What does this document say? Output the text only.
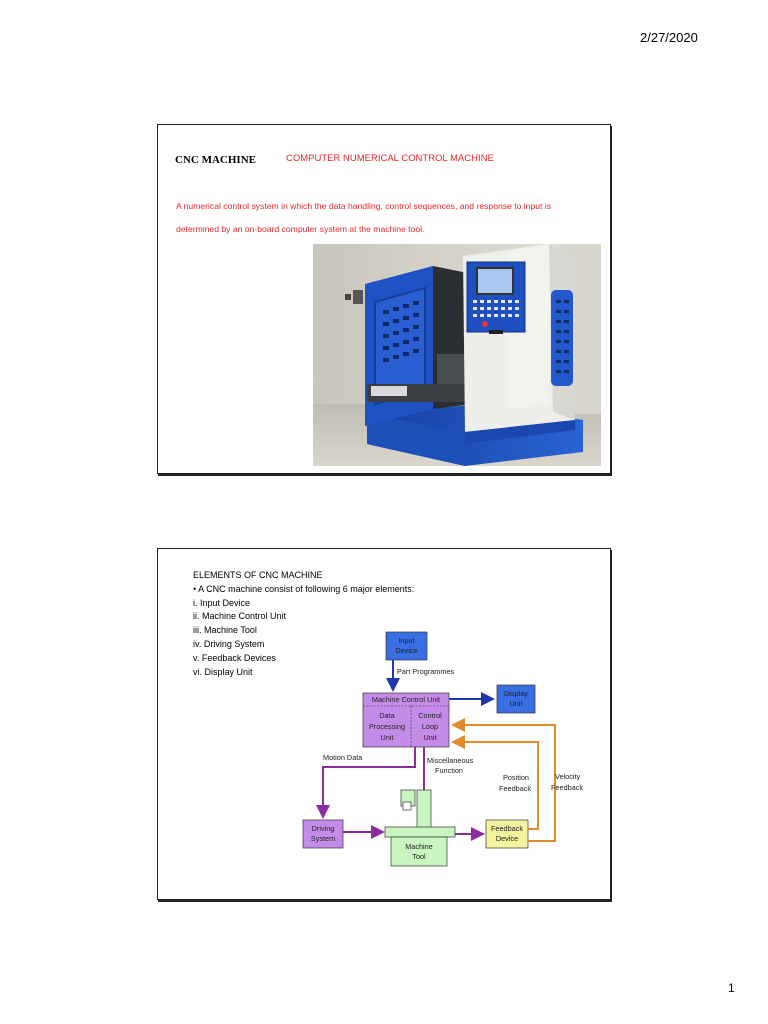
2/27/2020
CNC MACHINE	COMPUTER NUMERICAL CONTROL MACHINE
A numerical control system in which the data handling, control sequences, and response to input is determined by an on-board computer system at the machine tool.
ELEMENTS OF CNC MACHINE
• A CNC machine consist of following 6 major elements:
i. Input Device
ii. Machine Control Unit
iii. Machine Tool
iv. Driving System
v. Feedback Devices
vi. Display Unit
Input
Device
Part Programmes
Machine Control Unit
Data
Processing
Unit
Control
Loop
Unit
Display
Unit
Motion Data	Miscellaneous
Function
Driving
System
Machine
Tool
Feedback
Device
Position
Feedback
Velocity
Feedback
1
